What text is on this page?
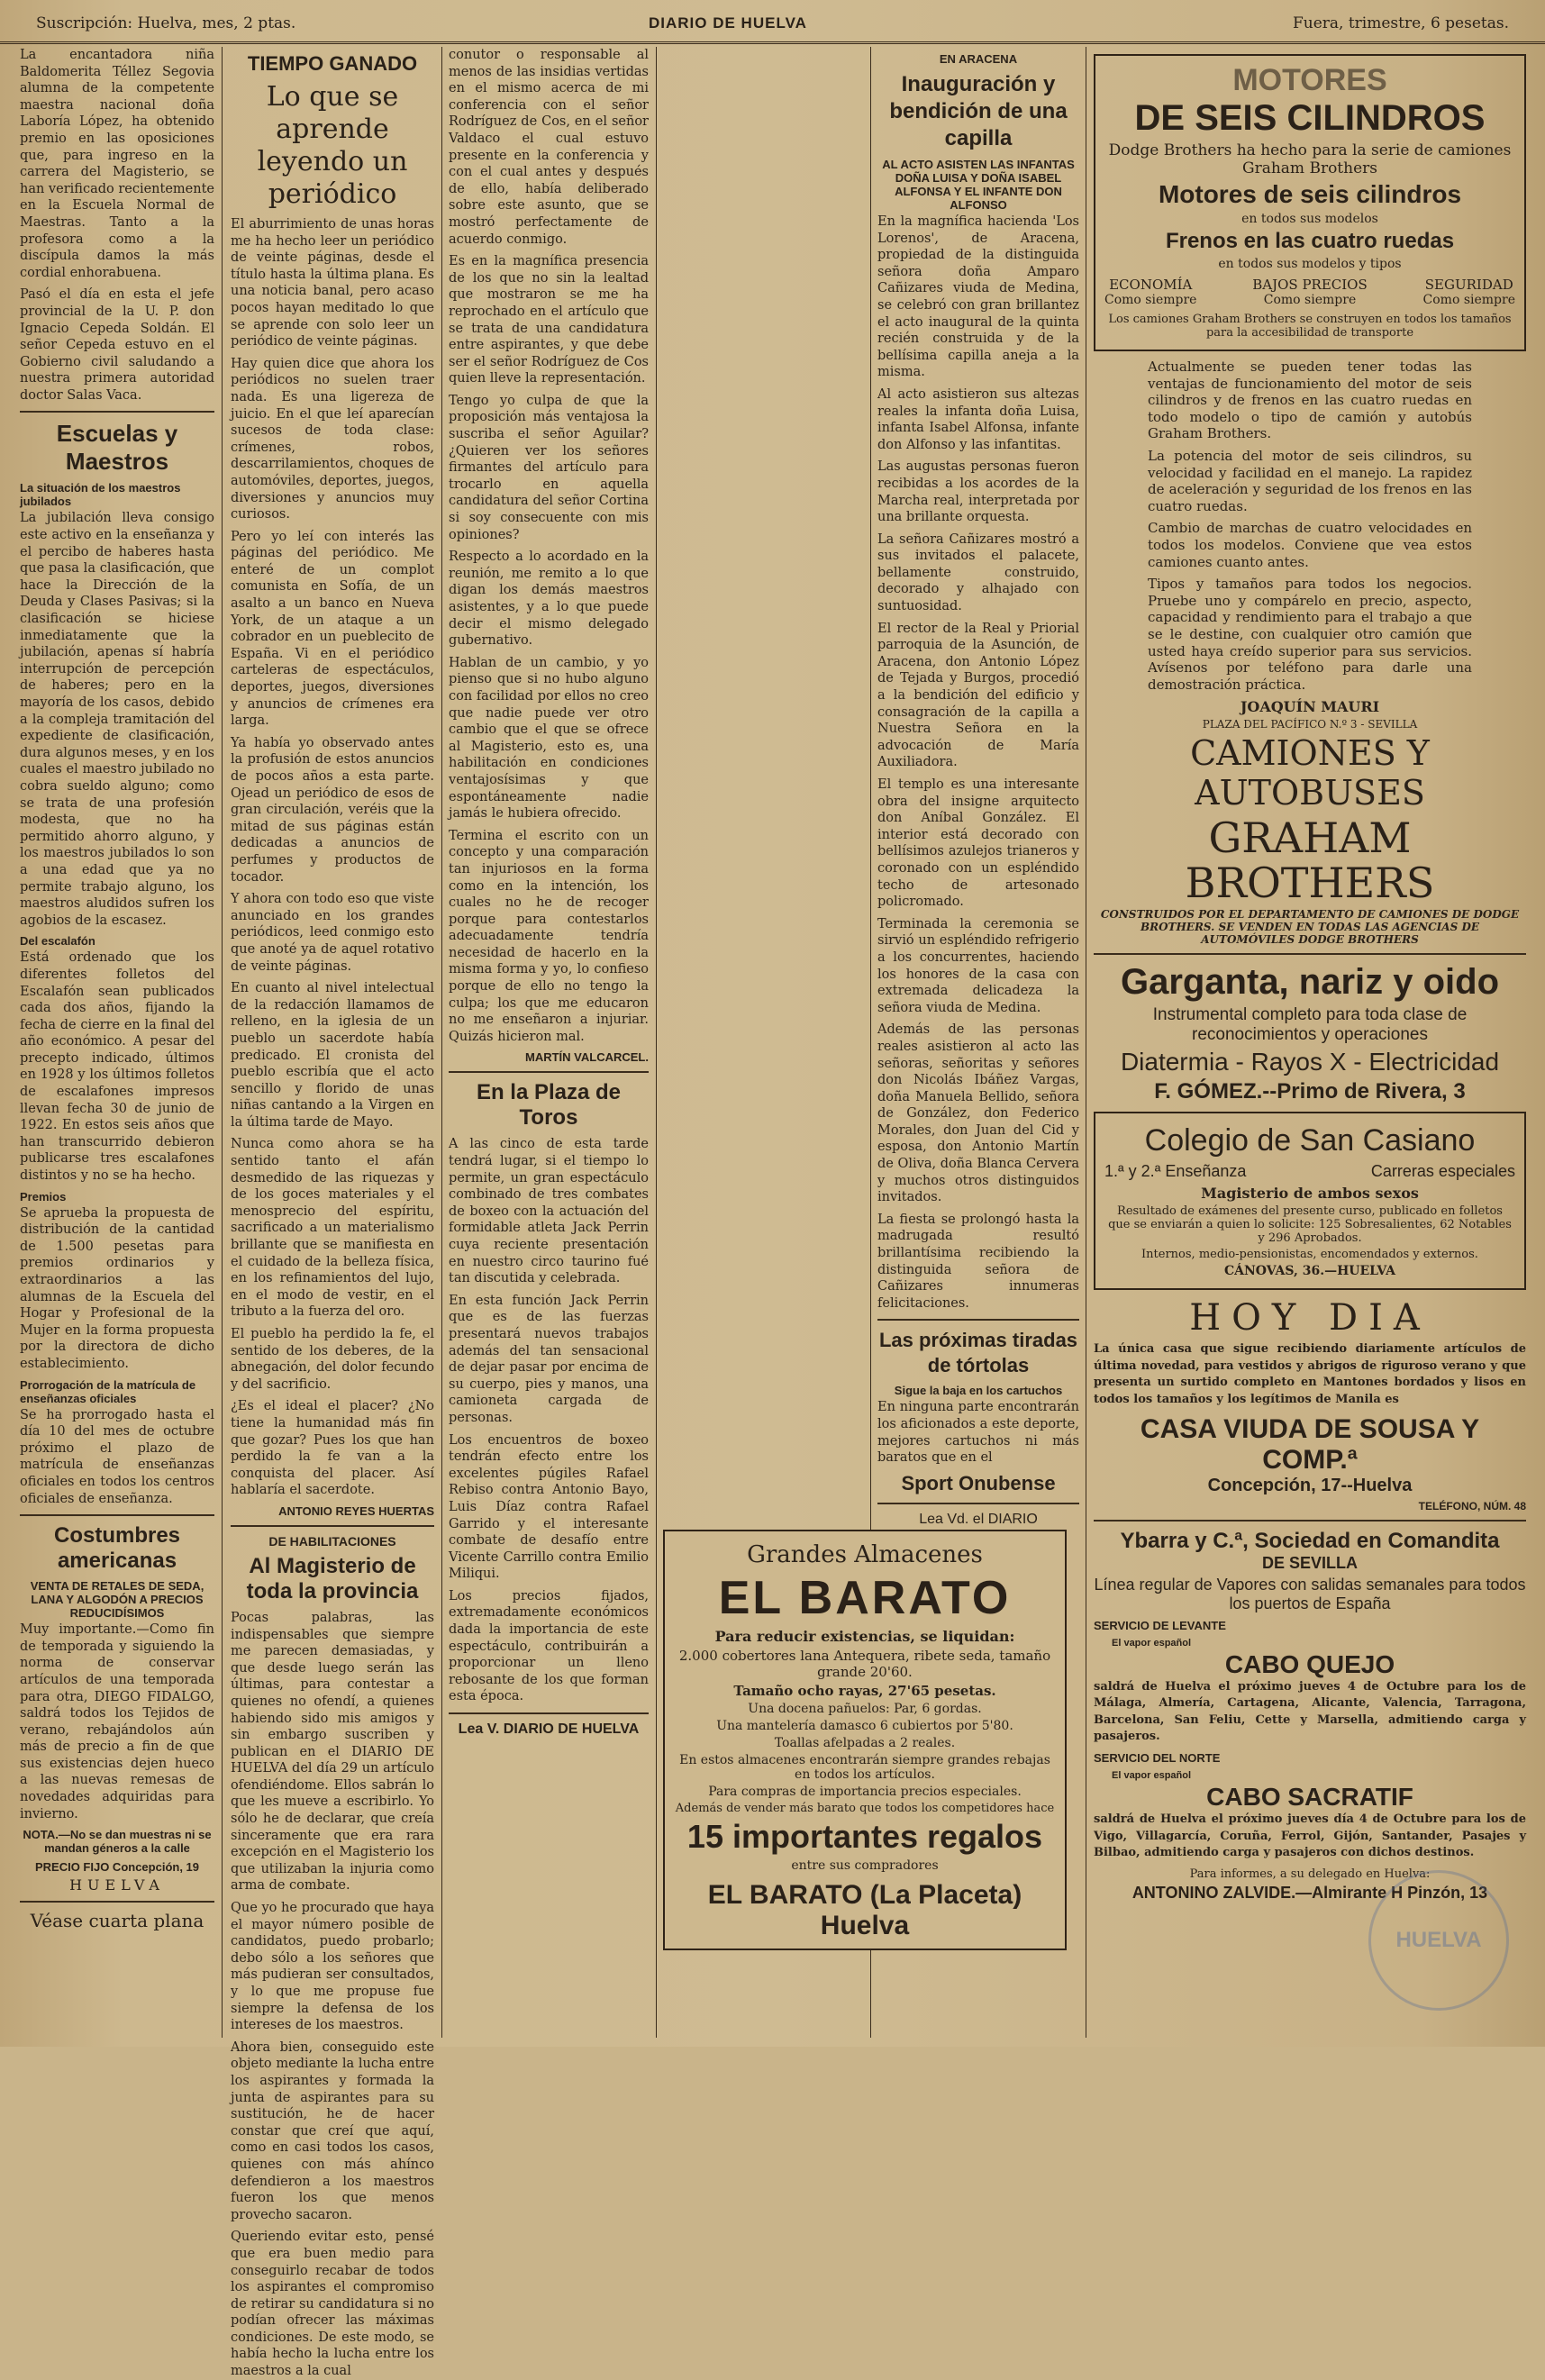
Suscripción: Huelva, mes, 2 ptas.	DIARIO DE HUELVA	Fuera, trimestre, 6 pesetas.

La encantadora niña Baldomerita Téllez Segovia alumna de la competente maestra nacional doña Laboría López, ha obtenido premio en las oposiciones que, para ingreso en la carrera del Magisterio, se han verificado recientemente en la Escuela Normal de Maestras. Tanto a la profesora como a la discípula damos la más cordial enhorabuena.

Pasó el día en esta el jefe provincial de la U. P. don Ignacio Cepeda Soldán. El señor Cepeda estuvo en el Gobierno civil saludando a nuestra primera autoridad doctor Salas Vaca.

Escuelas y Maestros
La situación de los maestros jubilados

La jubilación lleva consigo este activo en la enseñanza y el percibo de haberes hasta que pasa la clasificación, que hace la Dirección de la Deuda y Clases Pasivas; si la clasificación se hiciese inmediatamente que la jubilación, apenas sí habría interrupción de percepción de haberes; pero en la mayoría de los casos, debido a la compleja tramitación del expediente de clasificación, dura algunos meses, y en los cuales el maestro jubilado no cobra sueldo alguno; como se trata de una profesión modesta, que no ha permitido ahorro alguno, y los maestros jubilados lo son a una edad que ya no permite trabajo alguno, los maestros aludidos sufren los agobios de la escasez.

Del escalafón

Está ordenado que los diferentes folletos del Escalafón sean publicados cada dos años, fijando la fecha de cierre en la final del año económico. A pesar del precepto indicado, últimos en 1928 y los últimos folletos de escalafones impresos llevan fecha 30 de junio de 1922. En estos seis años que han transcurrido debieron publicarse tres escalafones distintos y no se ha hecho.

Premios

Se aprueba la propuesta de distribución de la cantidad de 1.500 pesetas para premios ordinarios y extraordinarios a las alumnas de la Escuela del Hogar y Profesional de la Mujer en la forma propuesta por la directora de dicho establecimiento.

Prorrogación de la matrícula de enseñanzas oficiales

Se ha prorrogado hasta el día 10 del mes de octubre próximo el plazo de matrícula de enseñanzas oficiales en todos los centros oficiales de enseñanza.

Costumbres americanas
VENTA DE RETALES DE SEDA, LANA Y ALGODÓN A PRECIOS REDUCIDÍSIMOS

Muy importante.—Como fin de temporada y siguiendo la norma de conservar artículos de una temporada para otra, DIEGO FIDALGO, saldrá todos los Tejidos de verano, rebajándolos aún más de precio a fin de que sus existencias dejen hueco a las nuevas remesas de novedades adquiridas para invierno.

NOTA.—No se dan muestras ni se mandan géneros a la calle
PRECIO FIJO Concepción, 19
HUELVA
Véase cuarta plana
TIEMPO GANADO
Lo que se aprende leyendo un periódico

El aburrimiento de unas horas me ha hecho leer un periódico de veinte páginas, desde el título hasta la última plana. Es una noticia banal, pero acaso pocos hayan meditado lo que se aprende con solo leer un periódico de veinte páginas.

Hay quien dice que ahora los periódicos no suelen traer nada. Es una ligereza de juicio. En el que leí aparecían sucesos de toda clase: crímenes, robos, descarrilamientos, choques de automóviles, deportes, juegos, diversiones y anuncios muy curiosos.

Pero yo leí con interés las páginas del periódico. Me enteré de un complot comunista en Sofía, de un asalto a un banco en Nueva York, de un ataque a un cobrador en un pueblecito de España. Vi en el periódico carteleras de espectáculos, deportes, juegos, diversiones y anuncios de crímenes era larga.

Ya había yo observado antes la profusión de estos anuncios de pocos años a esta parte. Ojead un periódico de esos de gran circulación, veréis que la mitad de sus páginas están dedicadas a anuncios de perfumes y productos de tocador.

Y ahora con todo eso que viste anunciado en los grandes periódicos, leed conmigo esto que anoté ya de aquel rotativo de veinte páginas.

En cuanto al nivel intelectual de la redacción llamamos de relleno, en la iglesia de un pueblo un sacerdote había predicado. El cronista del pueblo escribía que el acto sencillo y florido de unas niñas cantando a la Virgen en la última tarde de Mayo.

Nunca como ahora se ha sentido tanto el afán desmedido de las riquezas y de los goces materiales y el menosprecio del espíritu, sacrificado a un materialismo brillante que se manifiesta en el cuidado de la belleza física, en los refinamientos del lujo, en el modo de vestir, en el tributo a la fuerza del oro.

El pueblo ha perdido la fe, el sentido de los deberes, de la abnegación, del dolor fecundo y del sacrificio.

¿Es el ideal el placer? ¿No tiene la humanidad más fin que gozar? Pues los que han perdido la fe van a la conquista del placer. Así hablaría el sacerdote.

ANTONIO REYES HUERTAS
DE HABILITACIONES
Al Magisterio de toda la provincia

Pocas palabras, las indispensables que siempre me parecen demasiadas, y que desde luego serán las últimas, para contestar a quienes no ofendí, a quienes habiendo sido mis amigos y sin embargo suscriben y publican en el DIARIO DE HUELVA del día 29 un artículo ofendiéndome. Ellos sabrán lo que les mueve a escribirlo. Yo sólo he de declarar, que creía sinceramente que era rara excepción en el Magisterio los que utilizaban la injuria como arma de combate.

Que yo he procurado que haya el mayor número posible de candidatos, puedo probarlo; debo sólo a los señores que más pudieran ser consultados, y lo que me propuse fue siempre la defensa de los intereses de los maestros.

Ahora bien, conseguido este objeto mediante la lucha entre los aspirantes y formada la junta de aspirantes para su sustitución, he de hacer constar que creí que aquí, como en casi todos los casos, quienes con más ahínco defendieron a los maestros fueron los que menos provecho sacaron.

Queriendo evitar esto, pensé que era buen medio para conseguirlo recabar de todos los aspirantes el compromiso de retirar su candidatura si no podían ofrecer las máximas condiciones. De este modo, se había hecho la lucha entre los maestros a la cual

conutor o responsable al menos de las insidias vertidas en el mismo acerca de mi conferencia con el señor Rodríguez de Cos, en el señor Valdaco el cual estuvo presente en la conferencia y con el cual antes y después de ello, había deliberado sobre este asunto, que se mostró perfectamente de acuerdo conmigo.

Es en la magnífica presencia de los que no sin la lealtad que mostraron se me ha reprochado en el artículo que se trata de una candidatura entre aspirantes, y que debe ser el señor Rodríguez de Cos quien lleve la representación.

Tengo yo culpa de que la proposición más ventajosa la suscriba el señor Aguilar? ¿Quieren ver los señores firmantes del artículo para trocarlo en aquella candidatura del señor Cortina si soy consecuente con mis opiniones?

Respecto a lo acordado en la reunión, me remito a lo que digan los demás maestros asistentes, y a lo que puede decir el mismo delegado gubernativo.

Hablan de un cambio, y yo pienso que si no hubo alguno con facilidad por ellos no creo que nadie puede ver otro cambio que el que se ofrece al Magisterio, esto es, una habilitación en condiciones ventajosísimas y que espontáneamente nadie jamás le hubiera ofrecido.

Termina el escrito con un concepto y una comparación tan injuriosos en la forma como en la intención, los cuales no he de recoger porque para contestarlos adecuadamente tendría necesidad de hacerlo en la misma forma y yo, lo confieso porque de ello no tengo la culpa; los que me educaron no me enseñaron a injuriar. Quizás hicieron mal.

MARTÍN VALCARCEL.
En la Plaza de Toros

A las cinco de esta tarde tendrá lugar, si el tiempo lo permite, un gran espectáculo combinado de tres combates de boxeo con la actuación del formidable atleta Jack Perrin cuya reciente presentación en nuestro circo taurino fué tan discutida y celebrada.

En esta función Jack Perrin que es de las fuerzas presentará nuevos trabajos además del tan sensacional de dejar pasar por encima de su cuerpo, pies y manos, una camioneta cargada de personas.

Los encuentros de boxeo tendrán efecto entre los excelentes púgiles Rafael Rebiso contra Antonio Bayo, Luis Díaz contra Rafael Garrido y el interesante combate de desafío entre Vicente Carrillo contra Emilio Miliqui.

Los precios fijados, extremadamente económicos dada la importancia de este espectáculo, contribuirán a proporcionar un lleno rebosante de los que forman esta época.

Lea V. DIARIO DE HUELVA
EN ARACENA
Inauguración y bendición de una capilla
AL ACTO ASISTEN LAS INFANTAS DOÑA LUISA Y DOÑA ISABEL ALFONSA Y EL INFANTE DON ALFONSO

En la magnífica hacienda 'Los Lorenos', de Aracena, propiedad de la distinguida señora doña Amparo Cañizares viuda de Medina, se celebró con gran brillantez el acto inaugural de la quinta recién construida y de la bellísima capilla aneja a la misma.

Al acto asistieron sus altezas reales la infanta doña Luisa, infanta Isabel Alfonsa, infante don Alfonso y las infantitas.

Las augustas personas fueron recibidas a los acordes de la Marcha real, interpretada por una brillante orquesta.

La señora Cañizares mostró a sus invitados el palacete, bellamente construido, decorado y alhajado con suntuosidad.

El rector de la Real y Priorial parroquia de la Asunción, de Aracena, don Antonio López de Tejada y Burgos, procedió a la bendición del edificio y consagración de la capilla a Nuestra Señora en la advocación de María Auxiliadora.

El templo es una interesante obra del insigne arquitecto don Aníbal González. El interior está decorado con bellísimos azulejos trianeros y coronado con un espléndido techo de artesonado policromado.

Terminada la ceremonia se sirvió un espléndido refrigerio a los concurrentes, haciendo los honores de la casa con extremada delicadeza la señora viuda de Medina.

Además de las personas reales asistieron al acto las señoras, señoritas y señores don Nicolás Ibáñez Vargas, doña Manuela Bellido, señora de González, don Federico Morales, don Juan del Cid y esposa, don Antonio Martín de Oliva, doña Blanca Cervera y muchos otros distinguidos invitados.

La fiesta se prolongó hasta la madrugada resultó brillantísima recibiendo la distinguida señora de Cañizares innumeras felicitaciones.

Las próximas tiradas de tórtolas
Sigue la baja en los cartuchos

En ninguna parte encontrarán los aficionados a este deporte, mejores cartuchos ni más baratos que en el

Sport Onubense
Lea Vd. el DIARIO
Grandes Almacenes
EL BARATO
Para reducir existencias, se liquidan:
2.000 cobertores lana Antequera, ribete seda, tamaño grande 20'60.
Tamaño ocho rayas, 27'65 pesetas.
Una docena pañuelos: Par, 6 gordas.
Una mantelería damasco 6 cubiertos por 5'80.
Toallas afelpadas a 2 reales.
En estos almacenes encontrarán siempre grandes rebajas en todos los artículos.
Para compras de importancia precios especiales.
Además de vender más barato que todos los competidores hace
15 importantes regalos
entre sus compradores
EL BARATO (La Placeta) Huelva
MOTORES
DE SEIS CILINDROS
Dodge Brothers ha hecho para la serie de camiones Graham Brothers
Motores de seis cilindros
en todos sus modelos
Frenos en las cuatro ruedas
en todos sus modelos y tipos
ECONOMÍA
Como siempre
BAJOS PRECIOS
Como siempre
SEGURIDAD
Como siempre
Los camiones Graham Brothers se construyen en todos los tamaños para la accesibilidad de transporte

Actualmente se pueden tener todas las ventajas de funcionamiento del motor de seis cilindros y de frenos en las cuatro ruedas en todo modelo o tipo de camión y autobús Graham Brothers.

La potencia del motor de seis cilindros, su velocidad y facilidad en el manejo. La rapidez de aceleración y seguridad de los frenos en las cuatro ruedas.

Cambio de marchas de cuatro velocidades en todos los modelos. Conviene que vea estos camiones cuanto antes.

Tipos y tamaños para todos los negocios. Pruebe uno y compárelo en precio, aspecto, capacidad y rendimiento para el trabajo a que se le destine, con cualquier otro camión que usted haya creído superior para sus servicios. Avísenos por teléfono para darle una demostración práctica.

JOAQUÍN MAURI
PLAZA DEL PACÍFICO N.º 3 - SEVILLA
CAMIONES Y AUTOBUSES
GRAHAM BROTHERS
CONSTRUIDOS POR EL DEPARTAMENTO DE CAMIONES DE DODGE BROTHERS. SE VENDEN EN TODAS LAS AGENCIAS DE AUTOMÓVILES DODGE BROTHERS
Garganta, nariz y oido
Instrumental completo para toda clase de reconocimientos y operaciones
Diatermia - Rayos X - Electricidad
F. GÓMEZ.--Primo de Rivera, 3
Colegio de San Casiano
1.ª y 2.ª Enseñanza	Carreras especiales
Magisterio de ambos sexos
Resultado de exámenes del presente curso, publicado en folletos que se enviarán a quien lo solicite: 125 Sobresalientes, 62 Notables y 296 Aprobados.
Internos, medio-pensionistas, encomendados y externos.
CÁNOVAS, 36.—HUELVA
HOY DIA

La única casa que sigue recibiendo diariamente artículos de última novedad, para vestidos y abrigos de riguroso verano y que presenta un surtido completo en Mantones bordados y lisos en todos los tamaños y los legítimos de Manila es

CASA VIUDA DE SOUSA Y COMP.ª
Concepción, 17--Huelva
TELÉFONO, NÚM. 48
Ybarra y C.ª, Sociedad en Comandita
DE SEVILLA
Línea regular de Vapores con salidas semanales para todos los puertos de España
SERVICIO DE LEVANTE
El vapor español
CABO QUEJO

saldrá de Huelva el próximo jueves 4 de Octubre para los de Málaga, Almería, Cartagena, Alicante, Valencia, Tarragona, Barcelona, San Feliu, Cette y Marsella, admitiendo carga y pasajeros.

SERVICIO DEL NORTE
El vapor español
CABO SACRATIF

saldrá de Huelva el próximo jueves día 4 de Octubre para los de Vigo, Villagarcía, Coruña, Ferrol, Gijón, Santander, Pasajes y Bilbao, admitiendo carga y pasajeros con dichos destinos.

Para informes, a su delegado en Huelva:
ANTONINO ZALVIDE.—Almirante H Pinzón, 13
HUELVA
